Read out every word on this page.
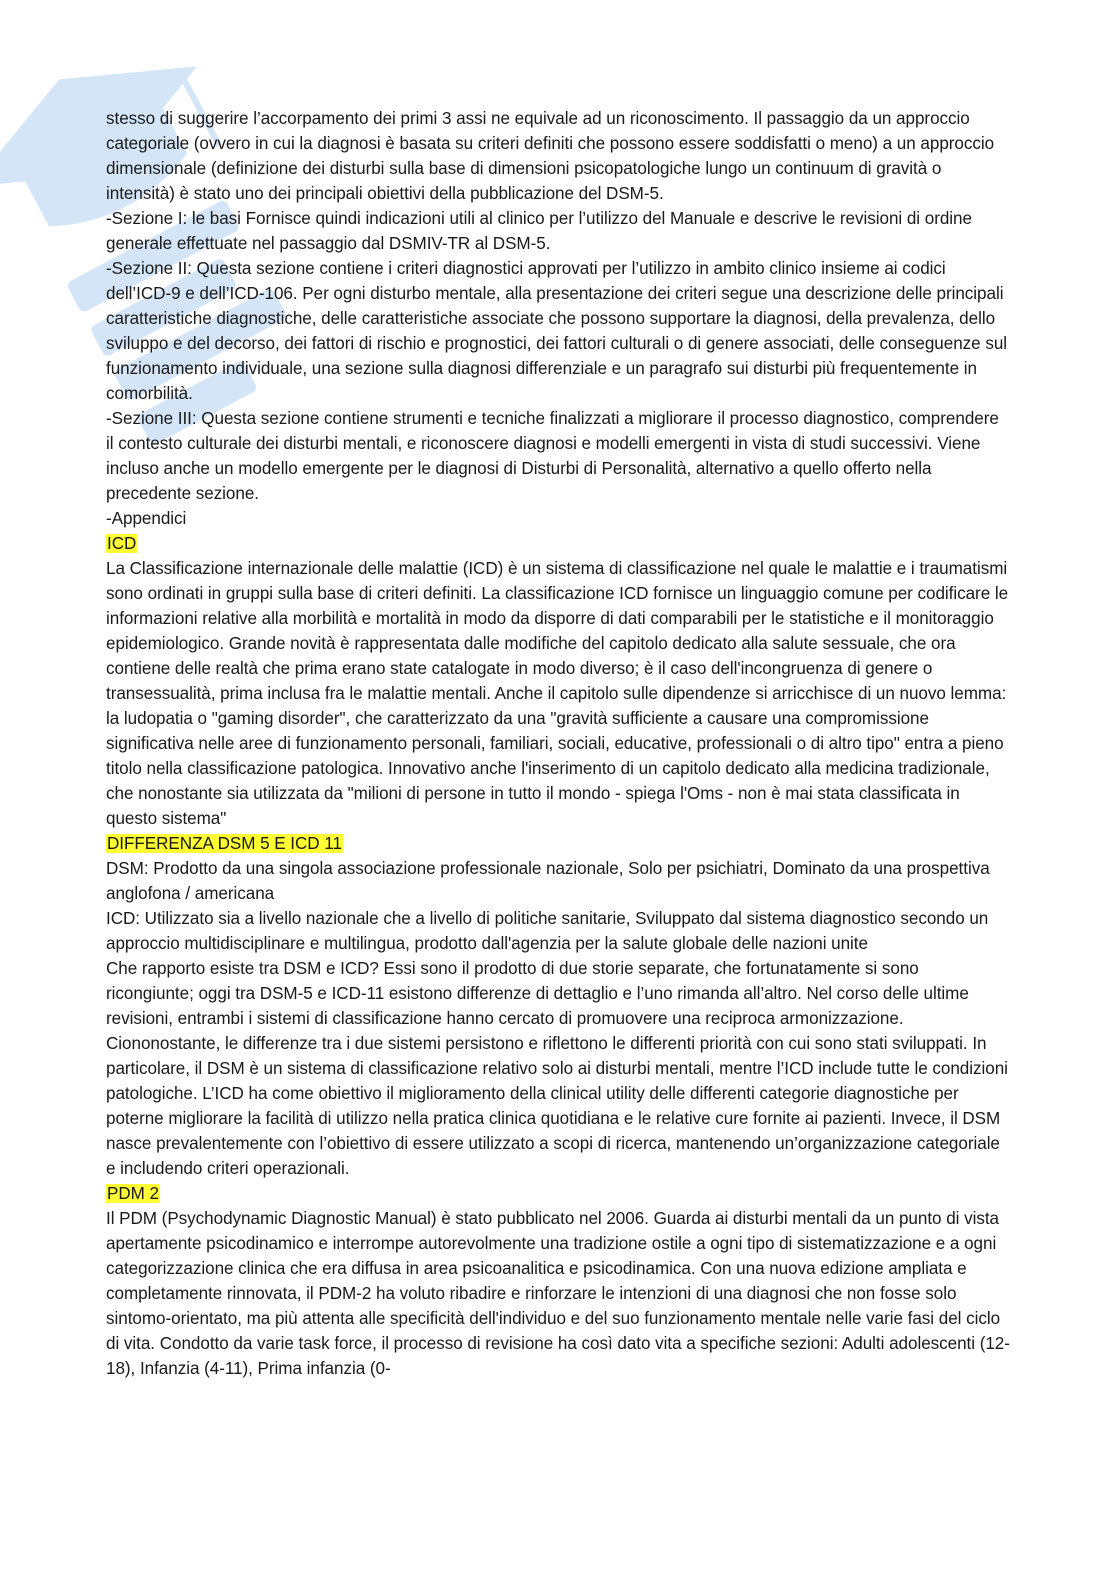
stesso di suggerire l’accorpamento dei primi 3 assi ne equivale ad un riconoscimento. Il passaggio da un approccio categoriale (ovvero in cui la diagnosi è basata su criteri definiti che possono essere soddisfatti o meno) a un approccio dimensionale (definizione dei disturbi sulla base di dimensioni psicopatologiche lungo un continuum di gravità o intensità) è stato uno dei principali obiettivi della pubblicazione del DSM-5.

-Sezione I: le basi Fornisce quindi indicazioni utili al clinico per l’utilizzo del Manuale e descrive le revisioni di ordine generale effettuate nel passaggio dal DSMIV-TR al DSM-5.

-Sezione II: Questa sezione contiene i criteri diagnostici approvati per l’utilizzo in ambito clinico insieme ai codici dell’ICD-9 e dell’ICD-106. Per ogni disturbo mentale, alla presentazione dei criteri segue una descrizione delle principali caratteristiche diagnostiche, delle caratteristiche associate che possono supportare la diagnosi, della prevalenza, dello sviluppo e del decorso, dei fattori di rischio e prognostici, dei fattori culturali o di genere associati, delle conseguenze sul funzionamento individuale, una sezione sulla diagnosi differenziale e un paragrafo sui disturbi più frequentemente in comorbilità.

-Sezione III: Questa sezione contiene strumenti e tecniche finalizzati a migliorare il processo diagnostico, comprendere il contesto culturale dei disturbi mentali, e riconoscere diagnosi e modelli emergenti in vista di studi successivi. Viene incluso anche un modello emergente per le diagnosi di Disturbi di Personalità, alternativo a quello offerto nella precedente sezione.

-Appendici

ICD

La Classificazione internazionale delle malattie (ICD) è un sistema di classificazione nel quale le malattie e i traumatismi sono ordinati in gruppi sulla base di criteri definiti. La classificazione ICD fornisce un linguaggio comune per codificare le informazioni relative alla morbilità e mortalità in modo da disporre di dati comparabili per le statistiche e il monitoraggio epidemiologico. Grande novità è rappresentata dalle modifiche del capitolo dedicato alla salute sessuale, che ora contiene delle realtà che prima erano state catalogate in modo diverso; è il caso dell'incongruenza di genere o transessualità, prima inclusa fra le malattie mentali. Anche il capitolo sulle dipendenze si arricchisce di un nuovo lemma: la ludopatia o "gaming disorder", che caratterizzato da una "gravità sufficiente a causare una compromissione significativa nelle aree di funzionamento personali, familiari, sociali, educative, professionali o di altro tipo" entra a pieno titolo nella classificazione patologica. Innovativo anche l'inserimento di un capitolo dedicato alla medicina tradizionale, che nonostante sia utilizzata da "milioni di persone in tutto il mondo - spiega l'Oms - non è mai stata classificata in questo sistema"

DIFFERENZA DSM 5 E ICD 11

DSM: Prodotto da una singola associazione professionale nazionale, Solo per psichiatri, Dominato da una prospettiva anglofona / americana

ICD: Utilizzato sia a livello nazionale che a livello di politiche sanitarie, Sviluppato dal sistema diagnostico secondo un approccio multidisciplinare e multilingua, prodotto dall'agenzia per la salute globale delle nazioni unite

Che rapporto esiste tra DSM e ICD? Essi sono il prodotto di due storie separate, che fortunatamente si sono ricongiunte; oggi tra DSM-5 e ICD-11 esistono differenze di dettaglio e l’uno rimanda all’altro. Nel corso delle ultime revisioni, entrambi i sistemi di classificazione hanno cercato di promuovere una reciproca armonizzazione. Ciononostante, le differenze tra i due sistemi persistono e riflettono le differenti priorità con cui sono stati sviluppati. In particolare, il DSM è un sistema di classificazione relativo solo ai disturbi mentali, mentre l’ICD include tutte le condizioni patologiche. L’ICD ha come obiettivo il miglioramento della clinical utility delle differenti categorie diagnostiche per poterne migliorare la facilità di utilizzo nella pratica clinica quotidiana e le relative cure fornite ai pazienti. Invece, il DSM nasce prevalentemente con l’obiettivo di essere utilizzato a scopi di ricerca, mantenendo un’organizzazione categoriale e includendo criteri operazionali.

PDM 2

Il PDM (Psychodynamic Diagnostic Manual) è stato pubblicato nel 2006. Guarda ai disturbi mentali da un punto di vista apertamente psicodinamico e interrompe autorevolmente una tradizione ostile a ogni tipo di sistematizzazione e a ogni categorizzazione clinica che era diffusa in area psicoanalitica e psicodinamica. Con una nuova edizione ampliata e completamente rinnovata, il PDM-2 ha voluto ribadire e rinforzare le intenzioni di una diagnosi che non fosse solo sintomo-orientato, ma più attenta alle specificità dell'individuo e del suo funzionamento mentale nelle varie fasi del ciclo di vita. Condotto da varie task force, il processo di revisione ha così dato vita a specifiche sezioni: Adulti adolescenti (12-18), Infanzia (4-11), Prima infanzia (0-
